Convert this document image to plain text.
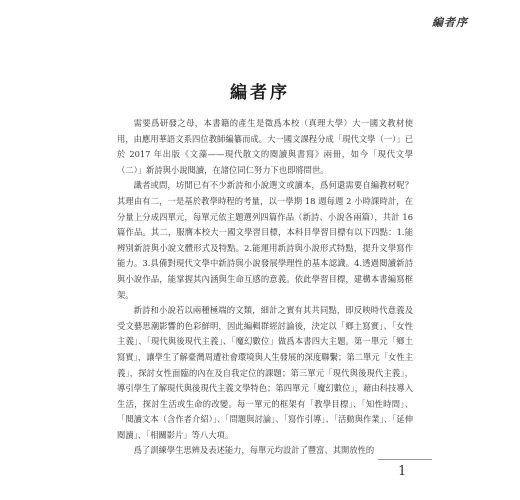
編者序
編者序

需要爲研發之母，本書籍的產生是徵爲本校（真理大學）大一國文教材使用，由應用華語文系四位教師編纂而成。大一國文課程分成「現代文學（一）」已於 2017 年出版《文藻——現代散文的閱讀與書寫》兩冊，如今「現代文學（二）」新詩與小說閱讀，在諸位同仁努力下也即將問世。

識者或問，坊間已有不少新詩和小說選文或讀本，爲何還需要自編教材呢？其理由有二，一是基於教學時程的考量，以一學期 18 週每週 2 小時課時計，在分量上分成四單元，每單元依主題選列四篇作品（新詩、小說各兩篇），共計 16 篇作品。其二，服膺本校大一國文學習目標，本科目學習目標有以下四點：1.能辨別新詩與小說文體形式及特點。2.能運用新詩與小說形式特點，提升文學寫作能力。3.具備對現代文學中新詩與小說發展學理性的基本認識。4.透過閱讀新詩與小說作品，能掌握其內涵與生命互感的意義。依此學習目標，建構本書編寫框架。

新詩和小說若以兩種極端的文類，細計之實有其共同點，即反映時代意義及受文藝思潮影響的色彩鮮明，因此編輯群經討論後，決定以「鄉土寫實」、「女性主義」、「現代與後現代主義」、「魔幻數位」做爲本書四大主題。第一單元「鄉土寫實」，讓學生了解臺灣周遭社會環境與人生發展的深度聯繫；第二單元「女性主義」，探討女性面臨的內在及自我定位的課題；第三單元「現代與後現代主義」，導引學生了解現代與後現代主義文學特色；第四單元「魔幻數位」，藉由科技導入生活，探討生活或生命的改變。每一單元的框架有「教學目標」、「知性時間」、「閱讀文本（含作者介紹）」、「問題與討論」、「寫作引導」、「活動與作業」、「延伸閱讀」、「相關影片」等八大項。

爲了訓練學生思辨及表述能力，每單元均設計了豐富、其開放性的

1
